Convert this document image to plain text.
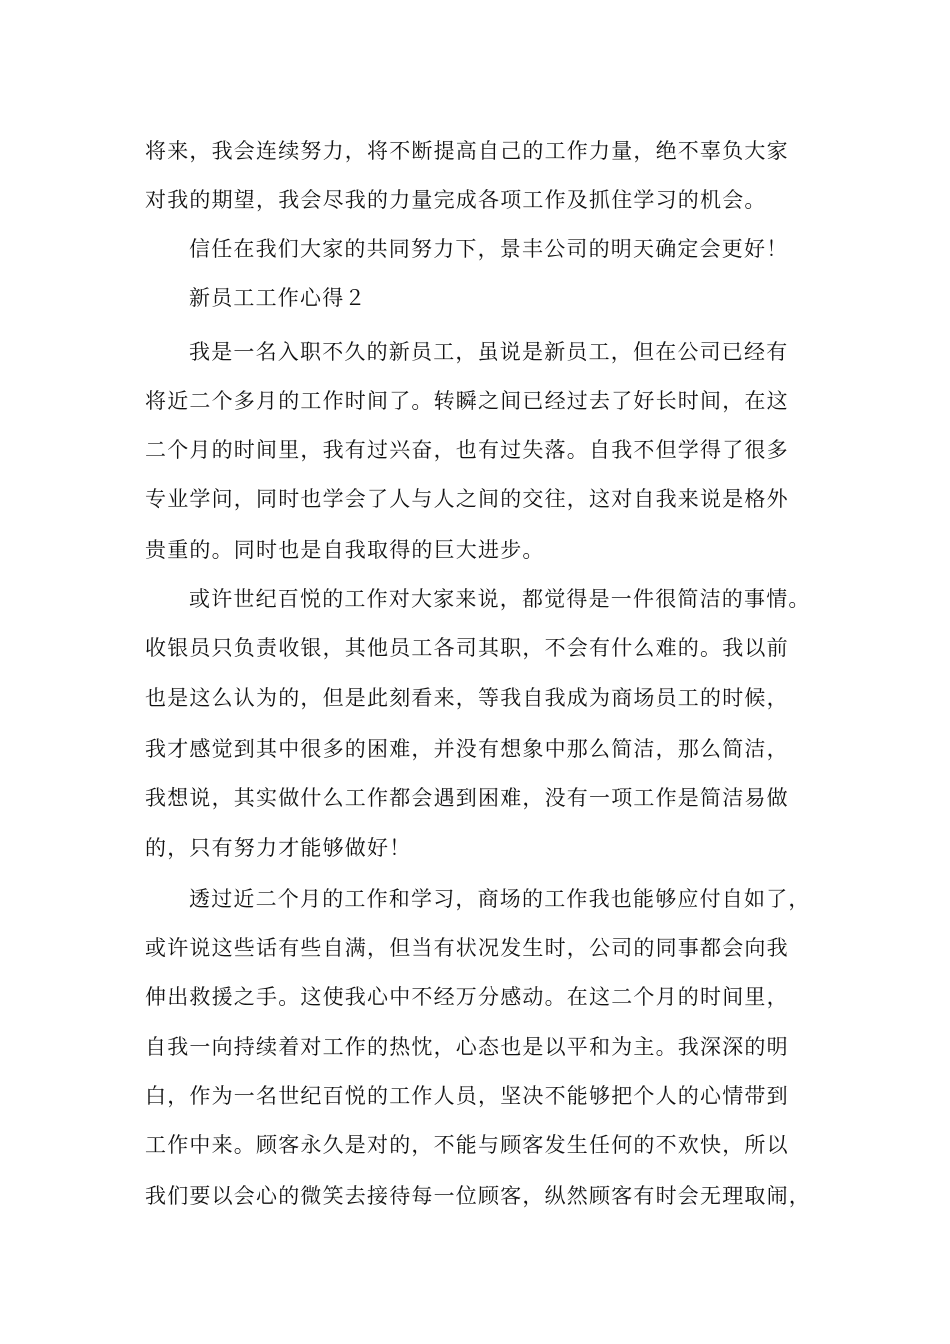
将来，我会连续努力，将不断提高自己的工作力量，绝不辜负大家
对我的期望，我会尽我的力量完成各项工作及抓住学习的机会。
信任在我们大家的共同努力下，景丰公司的明天确定会更好！
新员工工作心得２
我是一名入职不久的新员工，虽说是新员工，但在公司已经有
将近二个多月的工作时间了。转瞬之间已经过去了好长时间，在这
二个月的时间里，我有过兴奋，也有过失落。自我不但学得了很多
专业学问，同时也学会了人与人之间的交往，这对自我来说是格外
贵重的。同时也是自我取得的巨大进步。
或许世纪百悦的工作对大家来说，都觉得是一件很简洁的事情。
收银员只负责收银，其他员工各司其职，不会有什么难的。我以前
也是这么认为的，但是此刻看来，等我自我成为商场员工的时候，
我才感觉到其中很多的困难，并没有想象中那么简洁，那么简洁，
我想说，其实做什么工作都会遇到困难，没有一项工作是简洁易做
的，只有努力才能够做好！
透过近二个月的工作和学习，商场的工作我也能够应付自如了，
或许说这些话有些自满，但当有状况发生时，公司的同事都会向我
伸出救援之手。这使我心中不经万分感动。在这二个月的时间里，
自我一向持续着对工作的热忱，心态也是以平和为主。我深深的明
白，作为一名世纪百悦的工作人员，坚决不能够把个人的心情带到
工作中来。顾客永久是对的，不能与顾客发生任何的不欢快，所以
我们要以会心的微笑去接待每一位顾客，纵然顾客有时会无理取闹，
